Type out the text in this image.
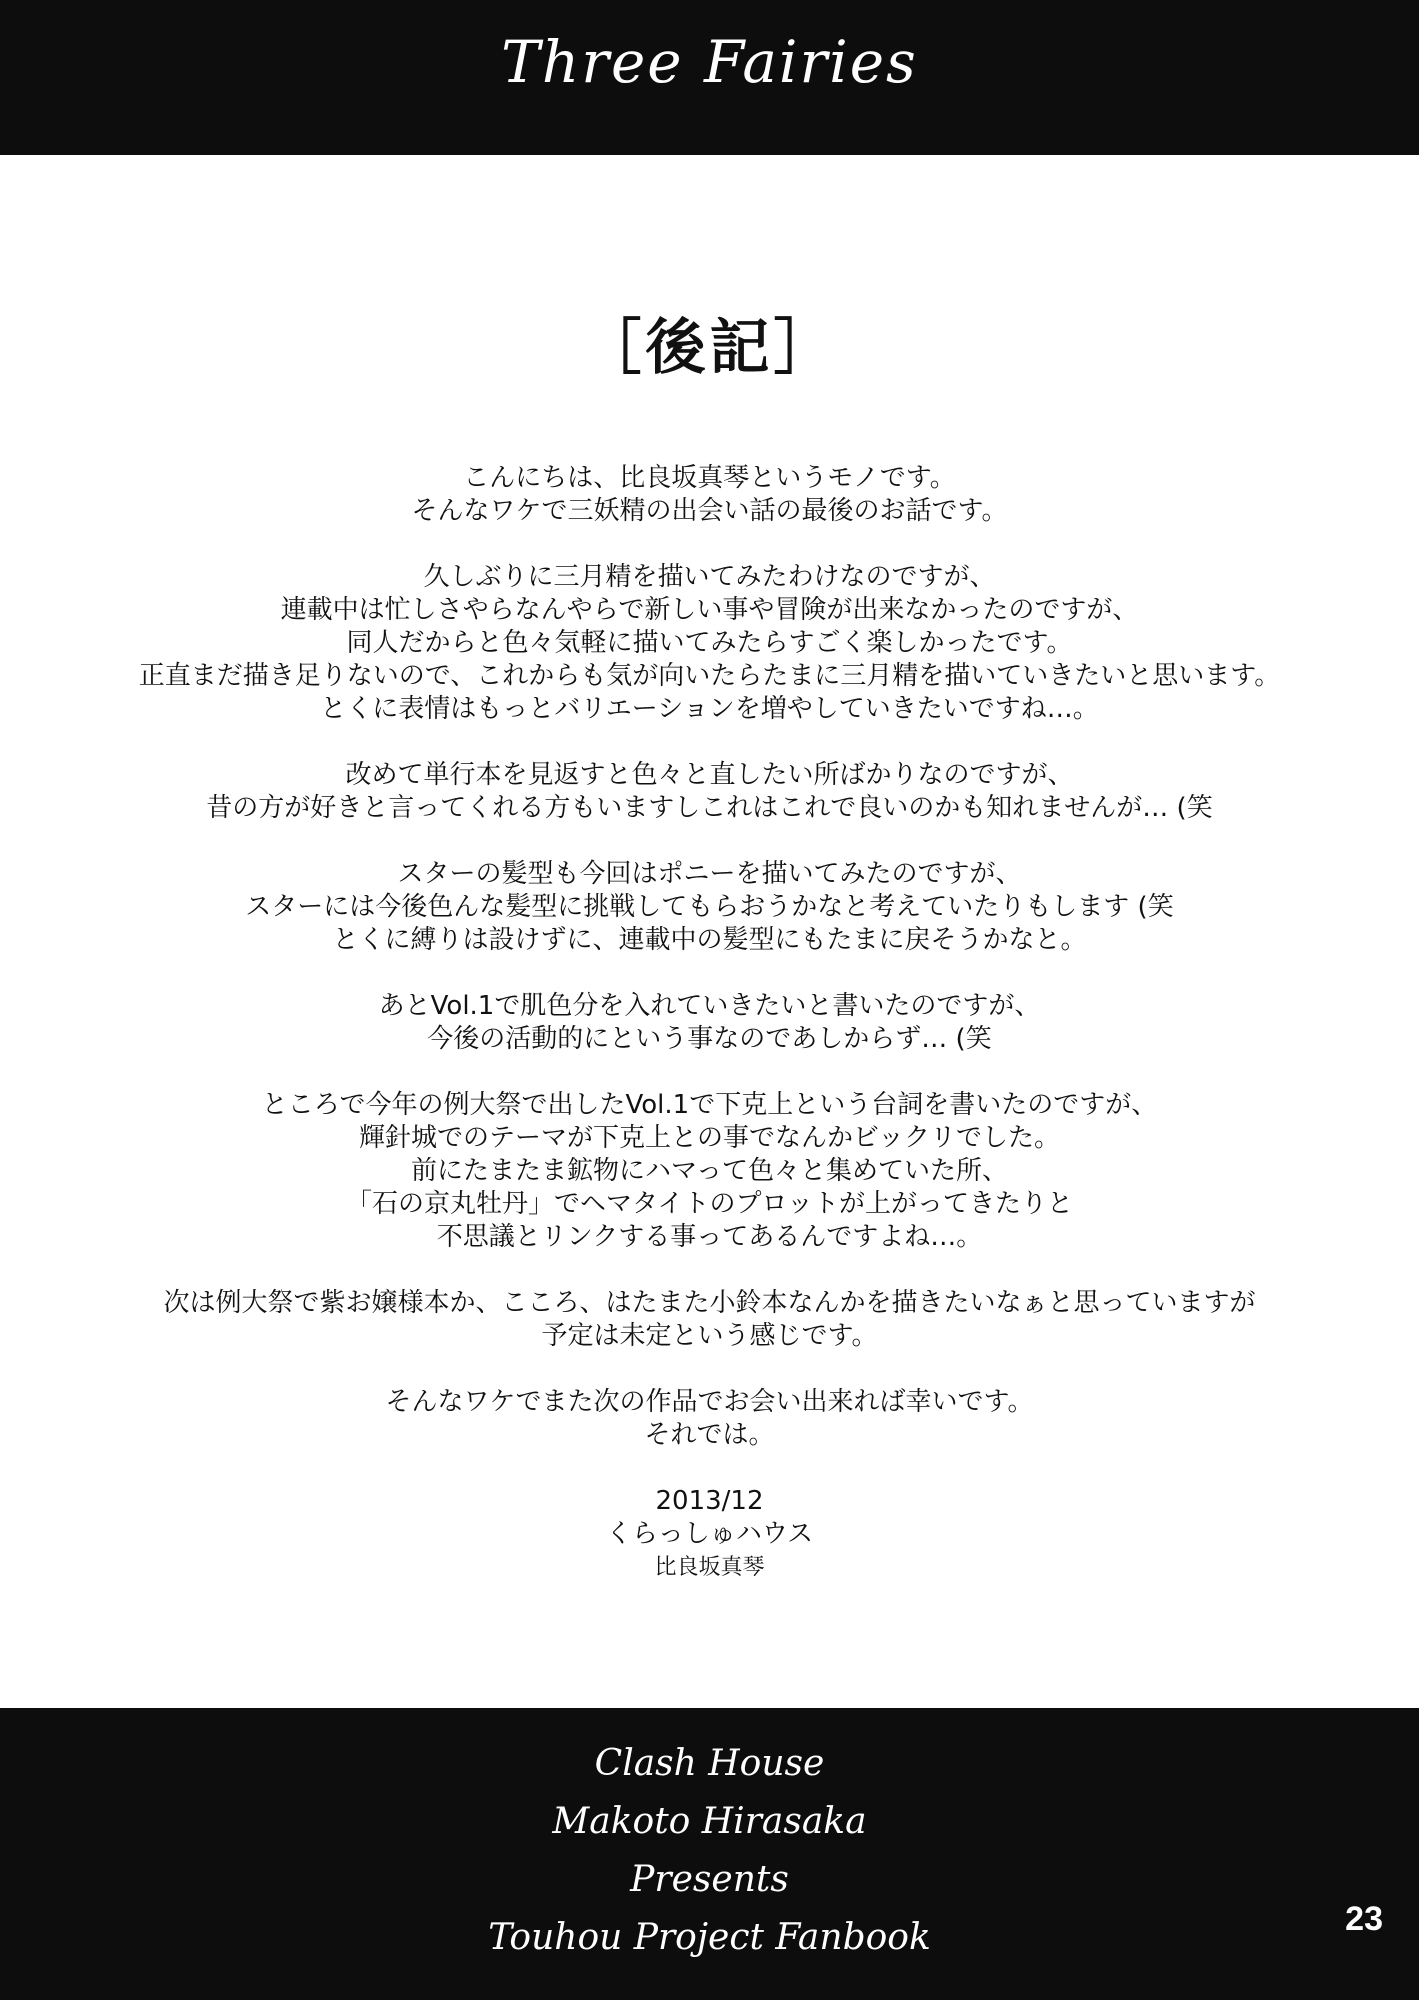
Three Fairies
［後記］
こんにちは、比良坂真琴というモノです。
そんなワケで三妖精の出会い話の最後のお話です。
久しぶりに三月精を描いてみたわけなのですが、
連載中は忙しさやらなんやらで新しい事や冒険が出来なかったのですが、
同人だからと色々気軽に描いてみたらすごく楽しかったです。
正直まだ描き足りないので、これからも気が向いたらたまに三月精を描いていきたいと思います。
とくに表情はもっとバリエーションを増やしていきたいですね…。
改めて単行本を見返すと色々と直したい所ばかりなのですが、
昔の方が好きと言ってくれる方もいますしこれはこれで良いのかも知れませんが… (笑
スターの髪型も今回はポニーを描いてみたのですが、
スターには今後色んな髪型に挑戦してもらおうかなと考えていたりもします (笑
とくに縛りは設けずに、連載中の髪型にもたまに戻そうかなと。
あとVol.1で肌色分を入れていきたいと書いたのですが、
今後の活動的にという事なのであしからず… (笑
ところで今年の例大祭で出したVol.1で下克上という台詞を書いたのですが、
輝針城でのテーマが下克上との事でなんかビックリでした。
前にたまたま鉱物にハマって色々と集めていた所、
「石の京丸牡丹」でヘマタイトのプロットが上がってきたりと
不思議とリンクする事ってあるんですよね…。
次は例大祭で紫お嬢様本か、こころ、はたまた小鈴本なんかを描きたいなぁと思っていますが
予定は未定という感じです。
そんなワケでまた次の作品でお会い出来れば幸いです。
それでは。
2013/12
くらっしゅハウス
比良坂真琴
Clash House
Makoto Hirasaka
Presents
Touhou Project Fanbook	23
